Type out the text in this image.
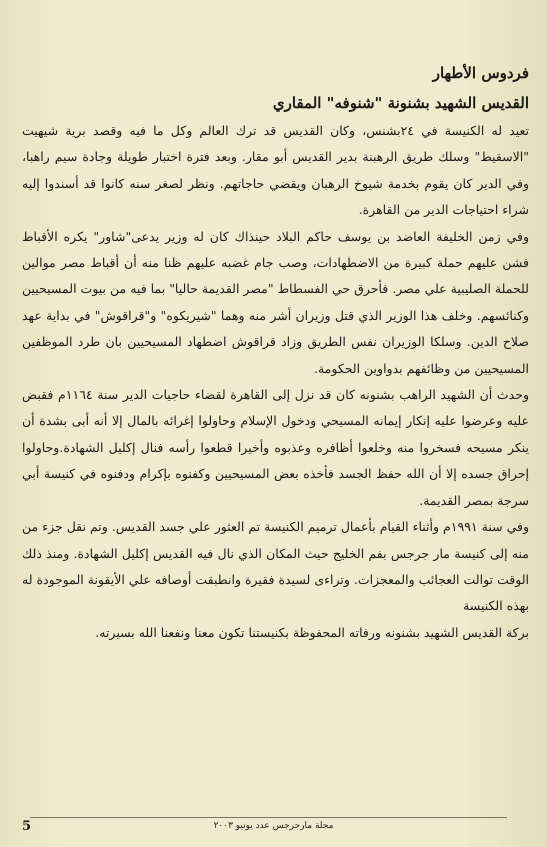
فردوس الأطهار
القديس الشهيد بشنونة "شنوفه" المقاري

تعيد له الكنيسة في ٢٤بشنس، وكان القديس قد ترك العالم وكل ما فيه وقصد برية شيهيت "الاسقيط" وسلك طريق الرهبنة بدير القديس أبو مقار. وبعد فترة اختبار طويلة وجادة سيم راهبا، وفي الدير كان يقوم بخدمة شيوخ الرهبان ويقضي حاجاتهم. ونظر لصغر سنه كانوا قد أسندوا إليه شراء احتياجات الدير من القاهرة.

وفي زمن الخليفة العاضد بن يوسف حاكم البلاد حينذاك كان له وزير يدعى"شاور" يكره الأقباط فشن عليهم حملة كبيرة من الاضطهادات، وصب جام غضبه عليهم ظنا منه أن أقباط مصر موالين للحملة الصليبية علي مصر. فأحرق حي الفسطاط "مصر القديمة حاليا" بما فيه من بيوت المسيحيين وكنائسهم. وخلف هذا الوزير الذي قتل وزيران أشر منه وهما "شيريكوه" و"قراقوش" في بداية عهد صلاح الدين. وسلكا الوزيران نفس الطريق وزاد قراقوش اضطهاد المسيحيين بان طرد الموظفين المسيحيين من وظائفهم بدواوين الحكومة.

وحدث أن الشهيد الراهب بشنونه كان قد نزل إلى القاهرة لقضاء حاجيات الدير سنة ١١٦٤م فقبض عليه وعرضوا عليه إنكار إيمانه المسيحي ودخول الإسلام وحاولوا إغرائه بالمال إلا أنه أبى بشدة أن ينكر مسيحه فسخروا منه وخلعوا أظافره وعذبوه وأخيرا قطعوا رأسه فنال إكليل الشهادة.وحاولوا إحراق جسده إلا أن الله حفظ الجسد فأخذه بعض المسيحيين وكفنوه بإكرام ودفنوه في كنيسة أبي سرجة بمصر القديمة.

وفي سنة ١٩٩١م وأثناء القيام بأعمال ترميم الكنيسة تم العثور علي جسد القديس. وتم نقل جزء من منه إلى كنيسة مار جرجس بفم الخليج حيث المكان الذي نال فيه القديس إكليل الشهادة. ومنذ ذلك الوقت توالت العجائب والمعجزات. وتراءى لسيدة فقيرة وانطبقت أوصافه علي الأيقونة الموجودة له بهذه الكنيسة

بركة القديس الشهيد بشنونه ورفاته المحفوظة بكنيستنا تكون معنا ونفعنا الله بسيرته.

5	مجلة مارجرجس عدد يونيو ٢٠٠٣
